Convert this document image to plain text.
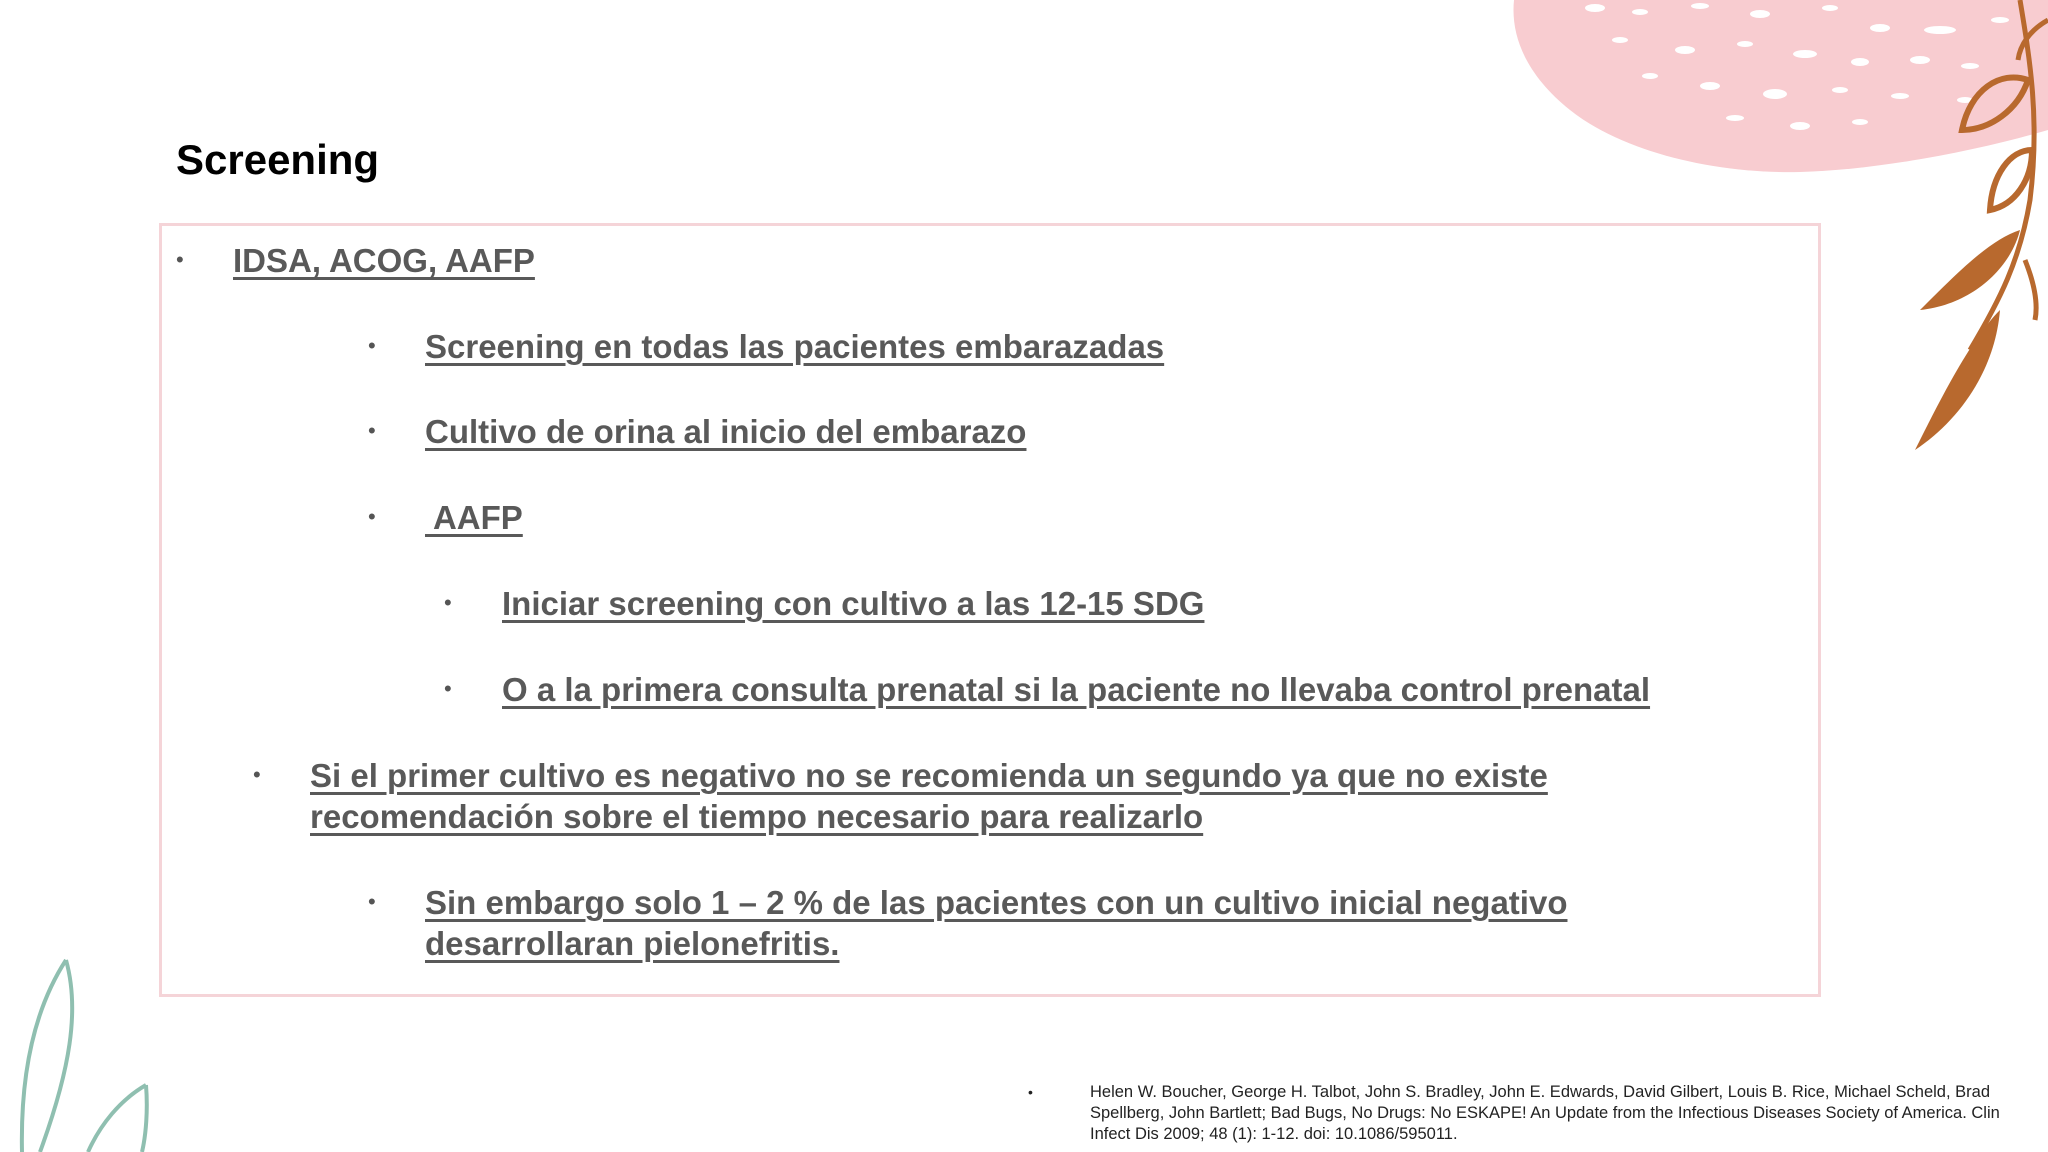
Screening
• IDSA, ACOG, AAFP
• Screening en todas las pacientes embarazadas
• Cultivo de orina al inicio del embarazo
• AAFP
• Iniciar screening con cultivo a las 12-15 SDG
• O a la primera consulta prenatal si la paciente no llevaba control prenatal
• Si el primer cultivo es negativo no se recomienda un segundo ya que no existe recomendación sobre el tiempo necesario para realizarlo
• Sin embargo solo 1 – 2 % de las pacientes con un cultivo inicial negativo desarrollaran pielonefritis.
•	Helen W. Boucher, George H. Talbot, John S. Bradley, John E. Edwards, David Gilbert, Louis B. Rice, Michael Scheld, Brad Spellberg, John Bartlett; Bad Bugs, No Drugs: No ESKAPE! An Update from the Infectious Diseases Society of America. Clin Infect Dis 2009; 48 (1): 1-12. doi: 10.1086/595011.
